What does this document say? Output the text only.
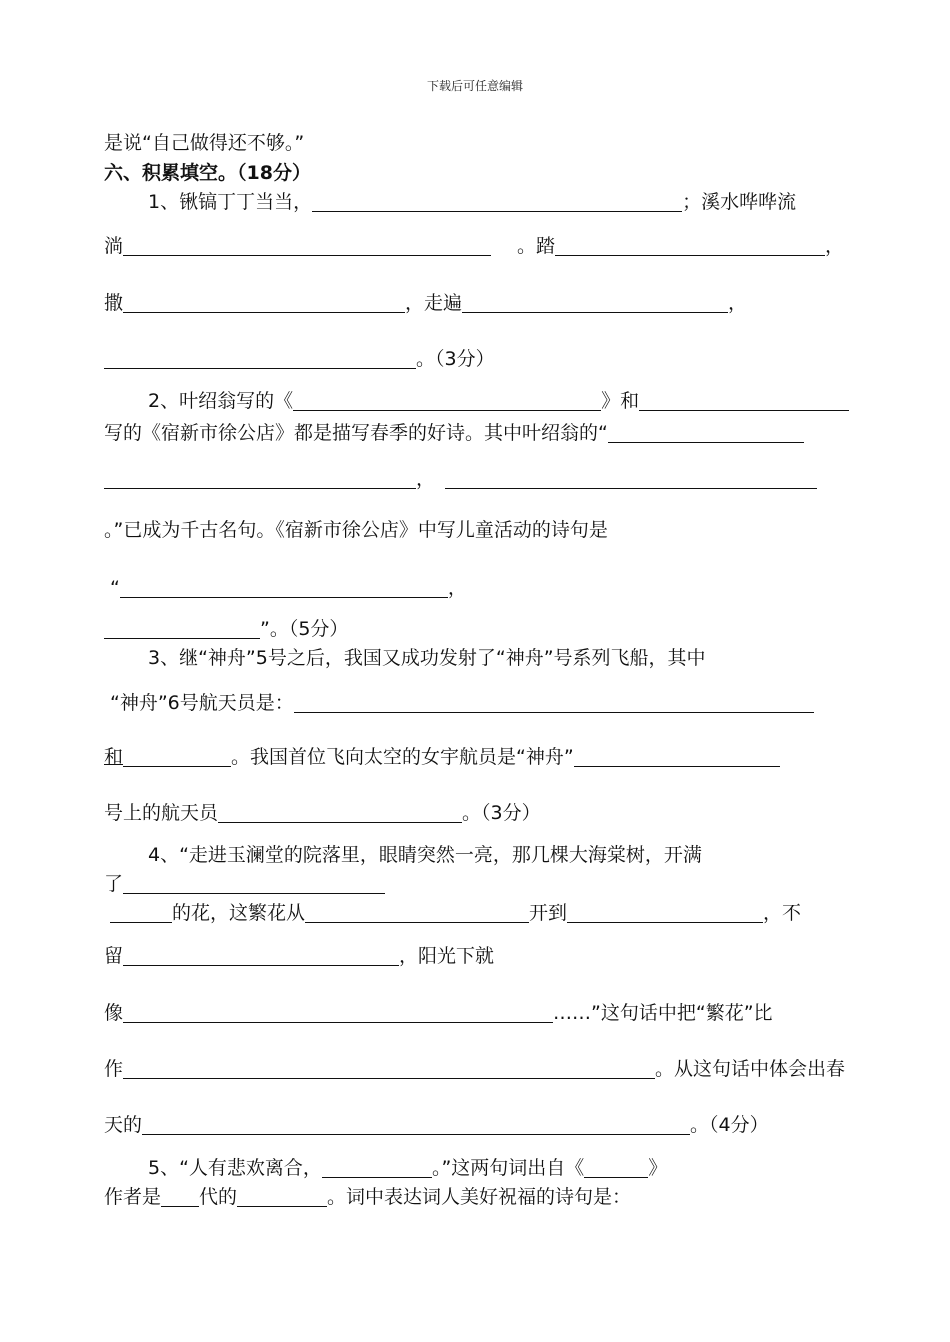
下载后可任意编辑
是说“自己做得还不够。”
六、积累填空。（18分）
1、锹镐丁丁当当，	；溪水哗哗流
淌	。踏	，
撒	，走遍	，
。（3分）
2、叶绍翁写的《	》和
写的《宿新市徐公店》都是描写春季的好诗。其中叶绍翁的“
，
。”已成为千古名句。《宿新市徐公店》中写儿童活动的诗句是
“	，
”。（5分）
3、继“神舟”5号之后，我国又成功发射了“神舟”号系列飞船，其中
“神舟”6号航天员是：
和	。我国首位飞向太空的女宇航员是“神舟”
号上的航天员	。（3分）
4、“走进玉澜堂的院落里，眼睛突然一亮，那几棵大海棠树，开满
了
的花，这繁花从	开到	，不
留	，阳光下就
像	……”这句话中把“繁花”比
作	。从这句话中体会出春
天的	。（4分）
5、“人有悲欢离合，	。”这两句词出自《	》
作者是 代的	。词中表达词人美好祝福的诗句是：
